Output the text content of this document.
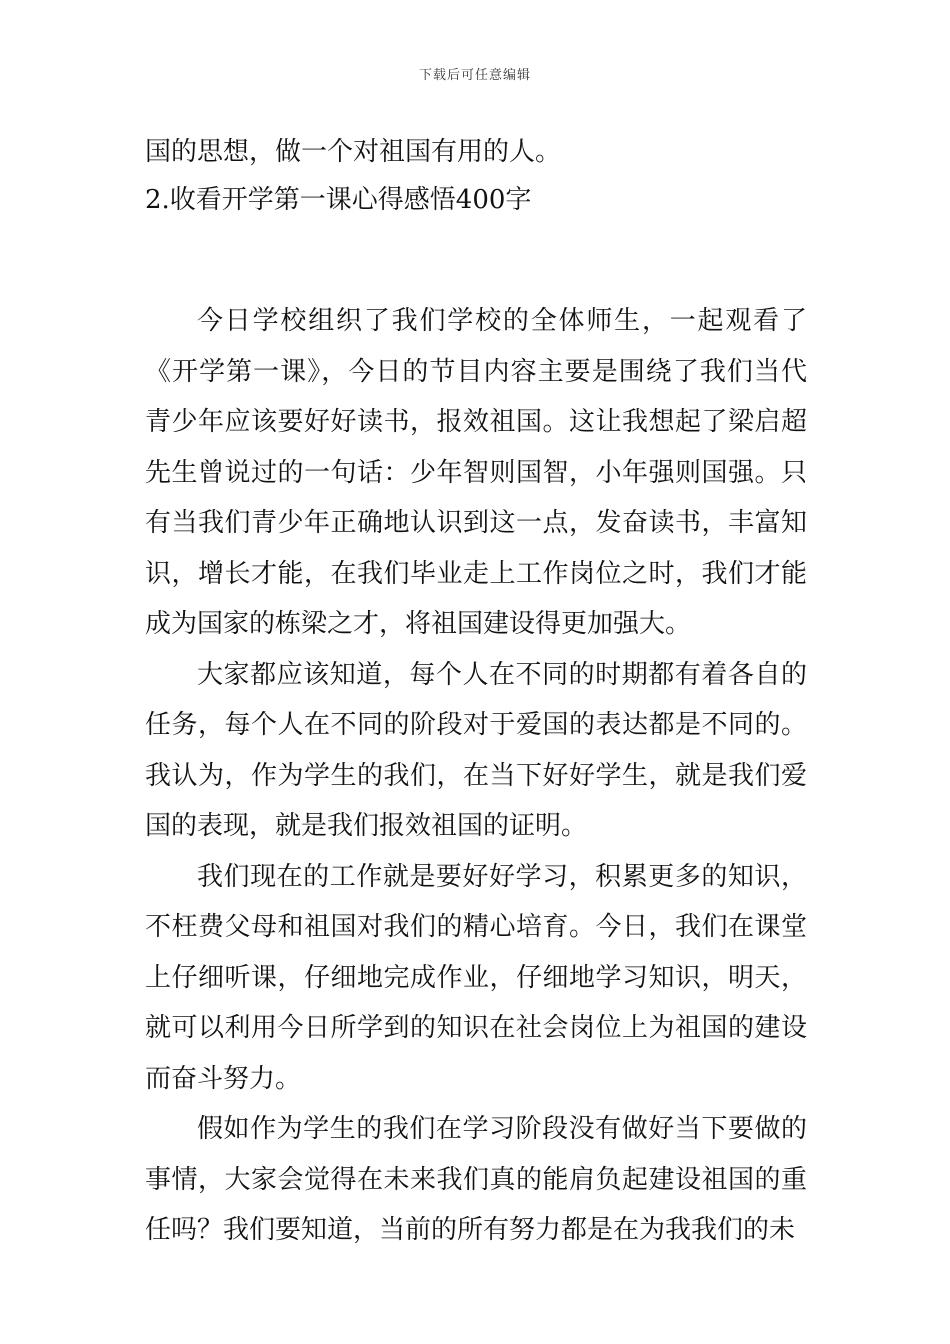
下载后可任意编辑

国的思想，做一个对祖国有用的人。

2.收看开学第一课心得感悟400字

今日学校组织了我们学校的全体师生，一起观看了《开学第一课》，今日的节目内容主要是围绕了我们当代青少年应该要好好读书，报效祖国。这让我想起了梁启超先生曾说过的一句话：少年智则国智，小年强则国强。只有当我们青少年正确地认识到这一点，发奋读书，丰富知识，增长才能，在我们毕业走上工作岗位之时，我们才能成为国家的栋梁之才，将祖国建设得更加强大。

大家都应该知道，每个人在不同的时期都有着各自的任务，每个人在不同的阶段对于爱国的表达都是不同的。我认为，作为学生的我们，在当下好好学生，就是我们爱国的表现，就是我们报效祖国的证明。

我们现在的工作就是要好好学习，积累更多的知识，不枉费父母和祖国对我们的精心培育。今日，我们在课堂上仔细听课，仔细地完成作业，仔细地学习知识，明天，就可以利用今日所学到的知识在社会岗位上为祖国的建设而奋斗努力。

假如作为学生的我们在学习阶段没有做好当下要做的事情，大家会觉得在未来我们真的能肩负起建设祖国的重任吗？我们要知道，当前的所有努力都是在为我我们的未
